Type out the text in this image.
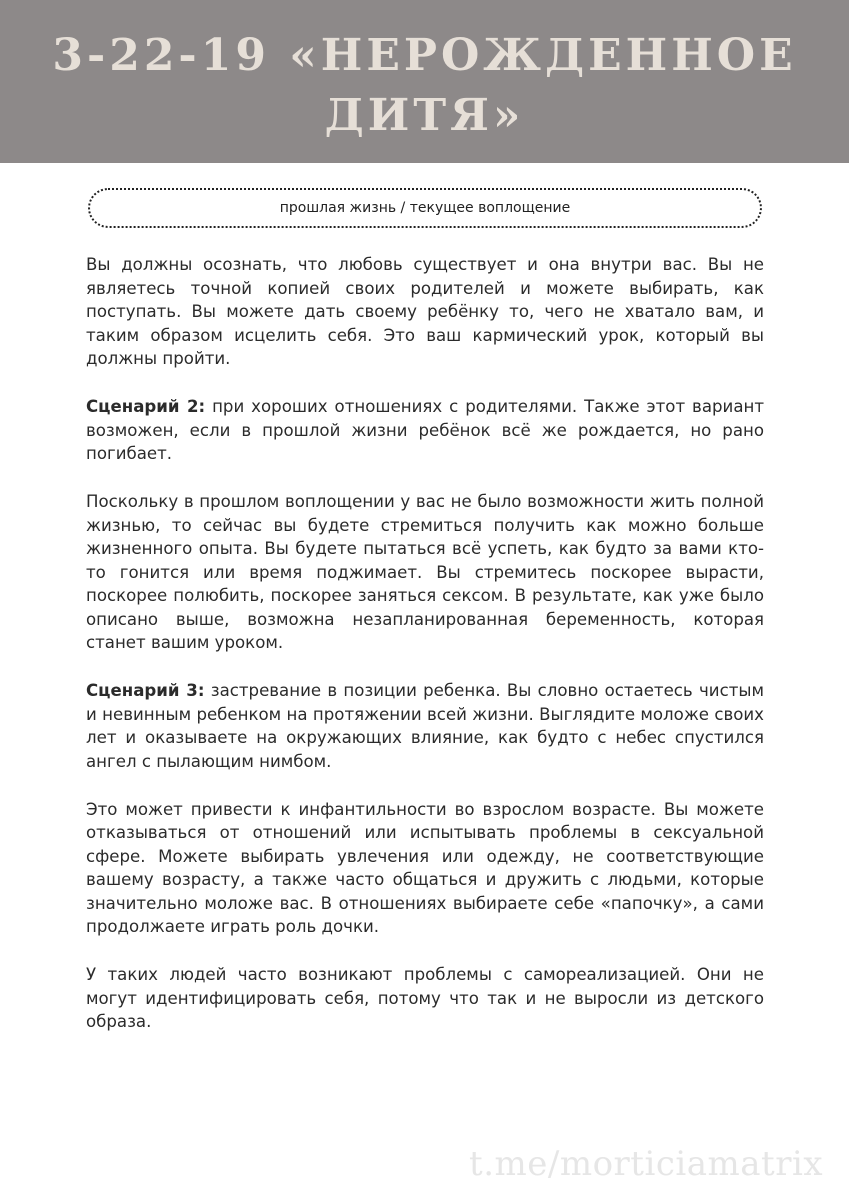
3-22-19 «НЕРОЖДЕННОЕ
ДИТЯ»
прошлая жизнь / текущее воплощение

Вы должны осознать, что любовь существует и она внутри вас. Вы не являетесь точной копией своих родителей и можете выбирать, как поступать. Вы можете дать своему ребёнку то, чего не хватало вам, и таким образом исцелить себя. Это ваш кармический урок, который вы должны пройти.

Сценарий 2: при хороших отношениях с родителями. Также этот вариант возможен, если в прошлой жизни ребёнок всё же рождается, но рано погибает.

Поскольку в прошлом воплощении у вас не было возможности жить полной жизнью, то сейчас вы будете стремиться получить как можно больше жизненного опыта. Вы будете пытаться всё успеть, как будто за вами кто-то гонится или время поджимает. Вы стремитесь поскорее вырасти, поскорее полюбить, поскорее заняться сексом. В результате, как уже было описано выше, возможна незапланированная беременность, которая станет вашим уроком.

Сценарий 3: застревание в позиции ребенка. Вы словно остаетесь чистым и невинным ребенком на протяжении всей жизни. Выглядите моложе своих лет и оказываете на окружающих влияние, как будто с небес спустился ангел с пылающим нимбом.

Это может привести к инфантильности во взрослом возрасте. Вы можете отказываться от отношений или испытывать проблемы в сексуальной сфере. Можете выбирать увлечения или одежду, не соответствующие вашему возрасту, а также часто общаться и дружить с людьми, которые значительно моложе вас. В отношениях выбираете себе «папочку», а сами продолжаете играть роль дочки.

У таких людей часто возникают проблемы с самореализацией. Они не могут идентифицировать себя, потому что так и не выросли из детского образа.

t.me/morticiamatrix
